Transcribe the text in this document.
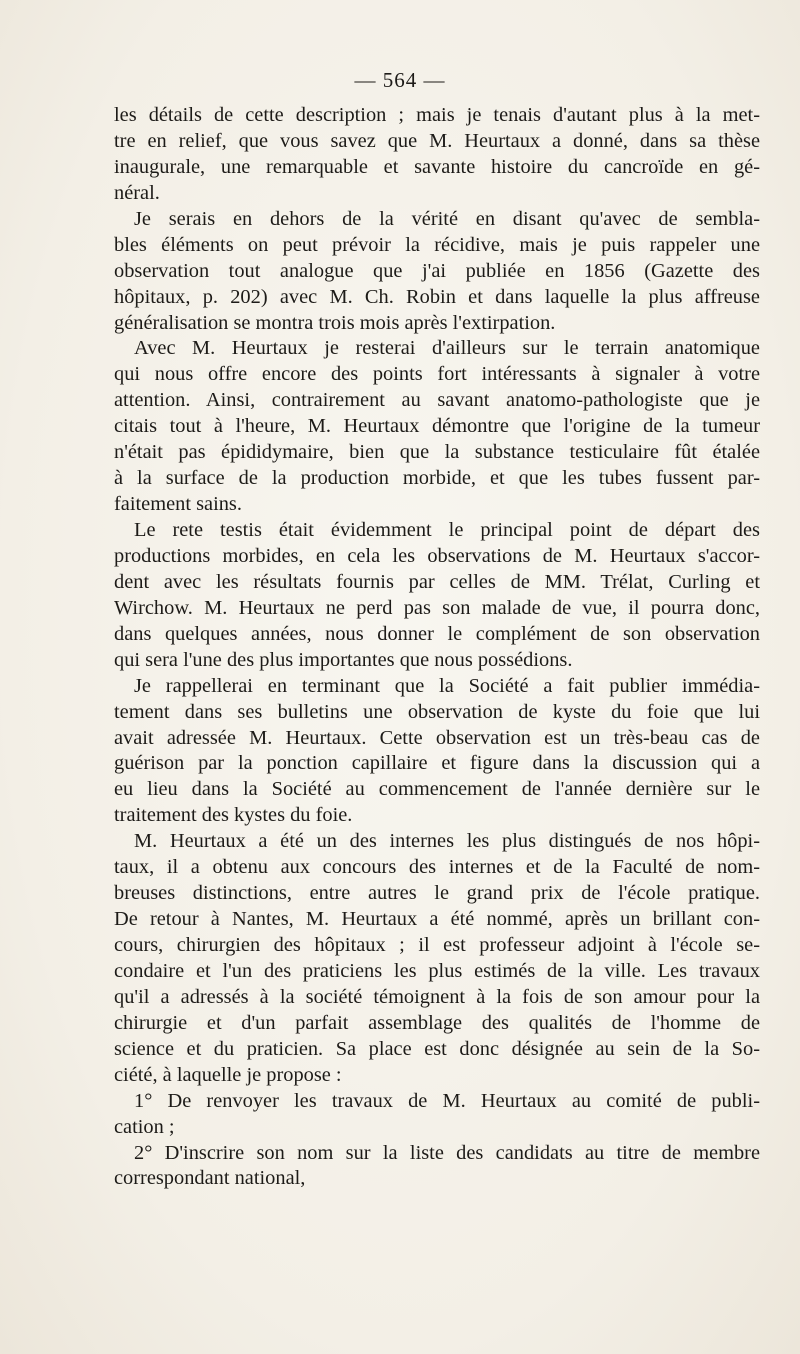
— 564 —
les détails de cette description ; mais je tenais d'autant plus à la met-
tre en relief, que vous savez que M. Heurtaux a donné, dans sa thèse
inaugurale, une remarquable et savante histoire du cancroïde en gé-
néral.
Je serais en dehors de la vérité en disant qu'avec de sembla-
bles éléments on peut prévoir la récidive, mais je puis rappeler une
observation tout analogue que j'ai publiée en 1856 (Gazette des
hôpitaux, p. 202) avec M. Ch. Robin et dans laquelle la plus affreuse
généralisation se montra trois mois après l'extirpation.
Avec M. Heurtaux je resterai d'ailleurs sur le terrain anatomique
qui nous offre encore des points fort intéressants à signaler à votre
attention. Ainsi, contrairement au savant anatomo-pathologiste que je
citais tout à l'heure, M. Heurtaux démontre que l'origine de la tumeur
n'était pas épididymaire, bien que la substance testiculaire fût étalée
à la surface de la production morbide, et que les tubes fussent par-
faitement sains.
Le rete testis était évidemment le principal point de départ des
productions morbides, en cela les observations de M. Heurtaux s'accor-
dent avec les résultats fournis par celles de MM. Trélat, Curling et
Wirchow. M. Heurtaux ne perd pas son malade de vue, il pourra donc,
dans quelques années, nous donner le complément de son observation
qui sera l'une des plus importantes que nous possédions.
Je rappellerai en terminant que la Société a fait publier immédia-
tement dans ses bulletins une observation de kyste du foie que lui
avait adressée M. Heurtaux. Cette observation est un très-beau cas de
guérison par la ponction capillaire et figure dans la discussion qui a
eu lieu dans la Société au commencement de l'année dernière sur le
traitement des kystes du foie.
M. Heurtaux a été un des internes les plus distingués de nos hôpi-
taux, il a obtenu aux concours des internes et de la Faculté de nom-
breuses distinctions, entre autres le grand prix de l'école pratique.
De retour à Nantes, M. Heurtaux a été nommé, après un brillant con-
cours, chirurgien des hôpitaux ; il est professeur adjoint à l'école se-
condaire et l'un des praticiens les plus estimés de la ville. Les travaux
qu'il a adressés à la société témoignent à la fois de son amour pour la
chirurgie et d'un parfait assemblage des qualités de l'homme de
science et du praticien. Sa place est donc désignée au sein de la So-
ciété, à laquelle je propose :
1° De renvoyer les travaux de M. Heurtaux au comité de publi-
cation ;
2° D'inscrire son nom sur la liste des candidats au titre de membre
correspondant national,
